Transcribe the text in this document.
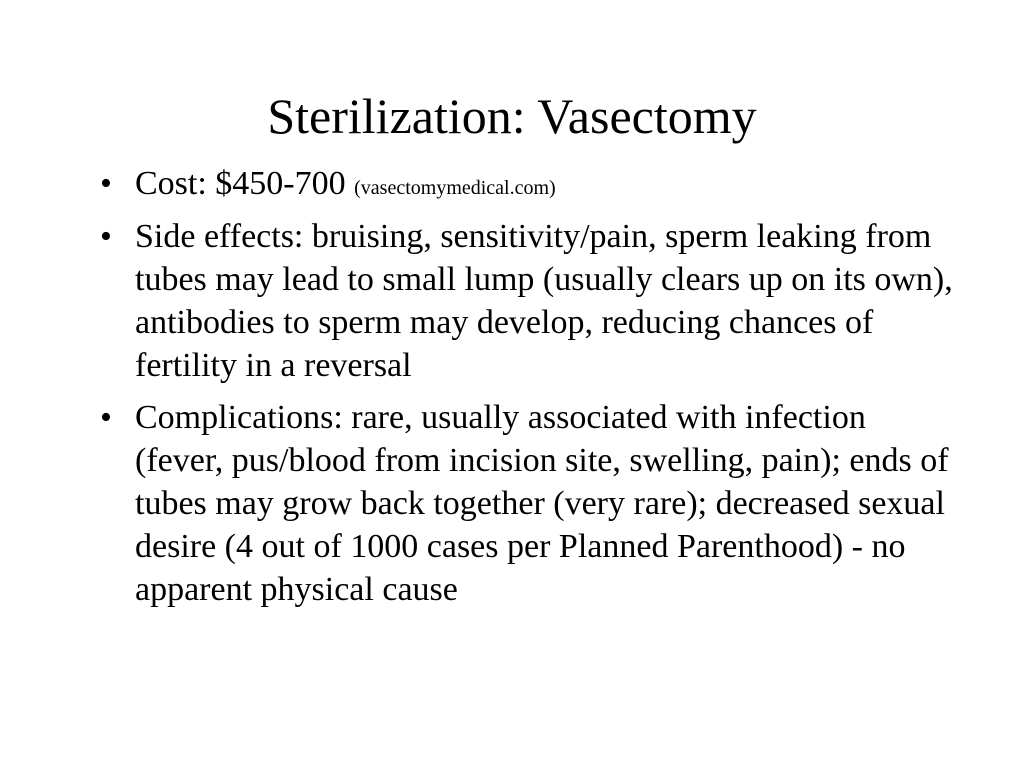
Sterilization: Vasectomy
• Cost: $450-700 (vasectomymedical.com)
• Side effects: bruising, sensitivity/pain, sperm leaking from tubes may lead to small lump (usually clears up on its own), antibodies to sperm may develop, reducing chances of fertility in a reversal
• Complications: rare, usually associated with infection (fever, pus/blood from incision site, swelling, pain); ends of tubes may grow back together (very rare); decreased sexual desire (4 out of 1000 cases per Planned Parenthood) - no apparent physical cause
